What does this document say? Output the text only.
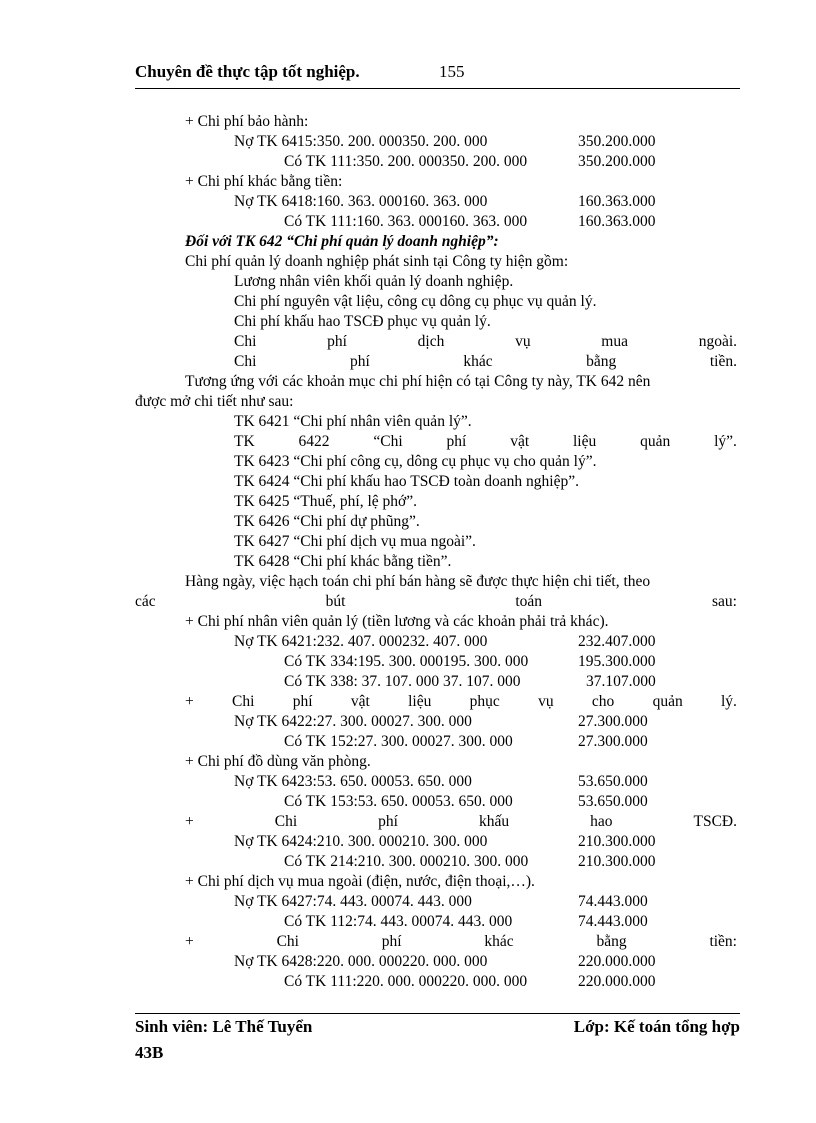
Chuyên đề thực tập tốt nghiệp.	155
+ Chi phí bảo hành:
Nợ TK 6415:350. 200. 000350. 200. 000	350.200.000
Có TK 111:350. 200. 000350. 200. 000	350.200.000
+ Chi phí khác bằng tiền:
Nợ TK 6418:160. 363. 000160. 363. 000	160.363.000
Có TK 111:160. 363. 000160. 363. 000	160.363.000
Đối với TK 642 “Chi phí quản lý doanh nghiệp”:
Chi phí quản lý doanh nghiệp phát sinh tại Công ty hiện gồm:
Lương nhân viên khối quản lý doanh nghiệp.
Chi phí nguyên vật liệu, công cụ dông cụ phục vụ quản lý.
Chi phí khấu hao TSCĐ phục vụ quản lý.
Chi	phí	dịch	vụ	mua	ngoài.
Chi	phí	khác	bằng	tiền.
Tương ứng với các khoản mục chi phí hiện có tại Công ty này, TK 642 nên
được mở chi tiết như sau:
TK 6421 “Chi phí nhân viên quản lý”.
TK	6422	“Chi	phí	vật	liệu	quản	lý”.
TK 6423 “Chi phí công cụ, dông cụ phục vụ cho quản lý”.
TK 6424 “Chi phí khấu hao TSCĐ toàn doanh nghiệp”.
TK 6425 “Thuế, phí, lệ phớ”.
TK 6426 “Chi phí dự phũng”.
TK 6427 “Chi phí dịch vụ mua ngoài”.
TK 6428 “Chi phí khác bằng tiền”.
Hàng ngày, việc hạch toán chi phí bán hàng sẽ được thực hiện chi tiết, theo
các	bút	toán	sau:
+ Chi phí nhân viên quản lý (tiền lương và các khoản phải trả khác).
Nợ TK 6421:232. 407. 000232. 407. 000	232.407.000
Có TK 334:195. 300. 000195. 300. 000	195.300.000
Có TK 338: 37. 107. 000 37. 107. 000	37.107.000
+ Chi phí vật liệu phục vụ cho quản lý.
Nợ TK 6422:27. 300. 00027. 300. 000	27.300.000
Có TK 152:27. 300. 00027. 300. 000	27.300.000
+ Chi phí đồ dùng văn phòng.
Nợ TK 6423:53. 650. 00053. 650. 000	53.650.000
Có TK 153:53. 650. 00053. 650. 000	53.650.000
+	Chi	phí	khấu	hao	TSCĐ.
Nợ TK 6424:210. 300. 000210. 300. 000	210.300.000
Có TK 214:210. 300. 000210. 300. 000	210.300.000
+ Chi phí dịch vụ mua ngoài (điện, nước, điện thoại,…).
Nợ TK 6427:74. 443. 00074. 443. 000	74.443.000
Có TK 112:74. 443. 00074. 443. 000	74.443.000
+	Chi	phí	khác	bằng	tiền:
Nợ TK 6428:220. 000. 000220. 000. 000	220.000.000
Có TK 111:220. 000. 000220. 000. 000	220.000.000
Sinh viên: Lê Thế Tuyển	Lớp: Kế toán tổng hợp
43B
